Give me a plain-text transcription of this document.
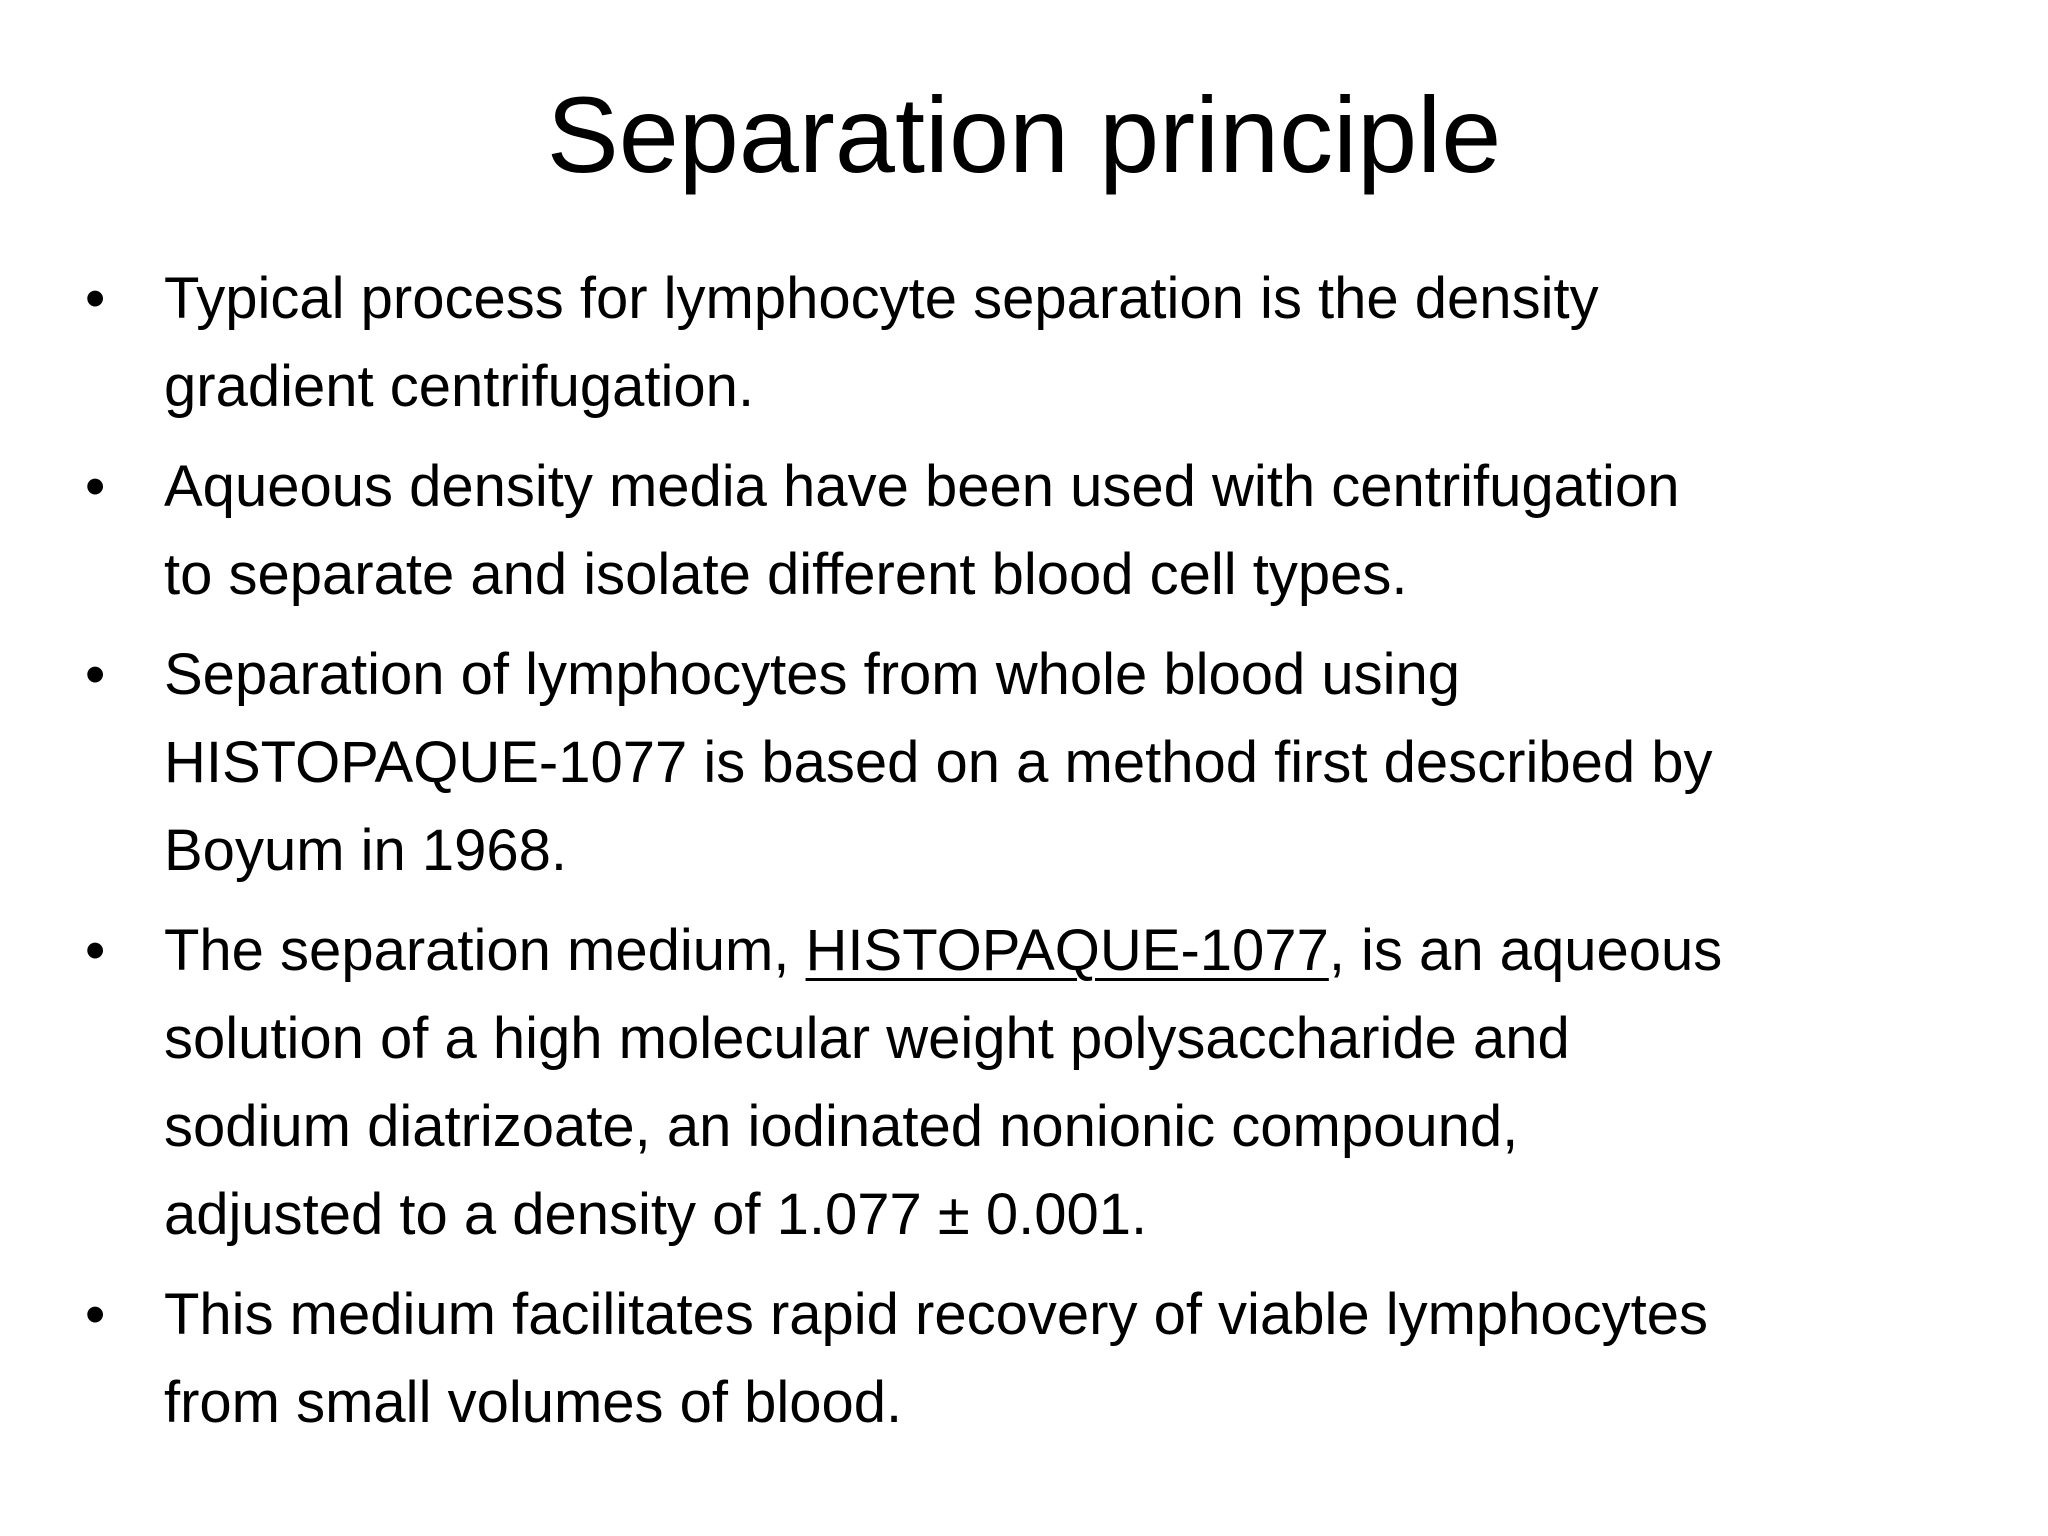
Separation principle
•	Typical process for lymphocyte separation is the density
gradient centrifugation.
•	Aqueous density media have been used with centrifugation
to separate and isolate different blood cell types.
•	Separation of lymphocytes from whole blood using
HISTOPAQUE-1077 is based on a method first described by
Boyum in 1968.
•	The separation medium, HISTOPAQUE-1077, is an aqueous
solution of a high molecular weight polysaccharide and
sodium diatrizoate, an iodinated nonionic compound,
adjusted to a density of 1.077 ± 0.001.
•	This medium facilitates rapid recovery of viable lymphocytes
from small volumes of blood.
